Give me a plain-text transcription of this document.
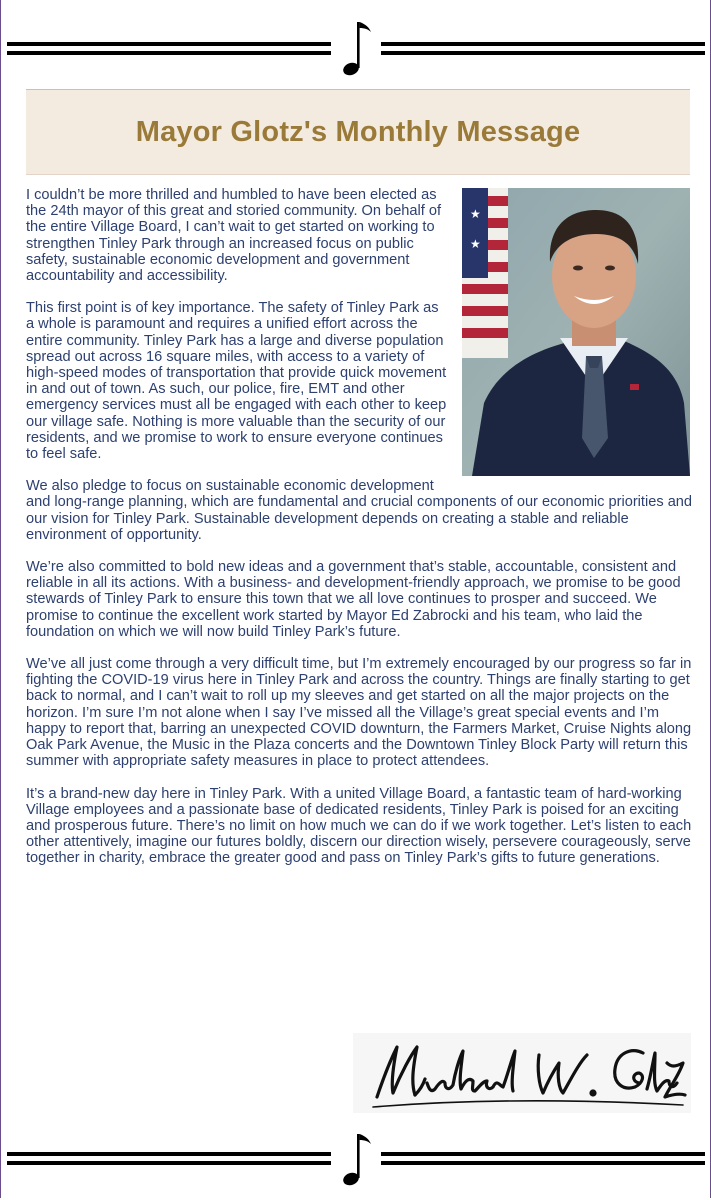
Mayor Glotz's Monthly Message
★
★

I couldn’t be more thrilled and humbled to have been elected as the 24th mayor of this great and storied community. On behalf of the entire Village Board, I can’t wait to get started on working to strengthen Tinley Park through an increased focus on public safety, sustainable economic development and government accountability and accessibility.

This first point is of key importance. The safety of Tinley Park as a whole is paramount and requires a unified effort across the entire community. Tinley Park has a large and diverse population spread out across 16 square miles, with access to a variety of high-speed modes of transportation that provide quick movement in and out of town. As such, our police, fire, EMT and other emergency services must all be engaged with each other to keep our village safe. Nothing is more valuable than the security of our residents, and we promise to work to ensure everyone continues to feel safe.

We also pledge to focus on sustainable economic development and long-range planning, which are fundamental and crucial components of our economic priorities and our vision for Tinley Park. Sustainable development depends on creating a stable and reliable environment of opportunity.

We’re also committed to bold new ideas and a government that’s stable, accountable, consistent and reliable in all its actions. With a business- and development-friendly approach, we promise to be good stewards of Tinley Park to ensure this town that we all love continues to prosper and succeed. We promise to continue the excellent work started by Mayor Ed Zabrocki and his team, who laid the foundation on which we will now build Tinley Park’s future.

We’ve all just come through a very difficult time, but I’m extremely encouraged by our progress so far in fighting the COVID-19 virus here in Tinley Park and across the country. Things are finally starting to get back to normal, and I can’t wait to roll up my sleeves and get started on all the major projects on the horizon. I’m sure I’m not alone when I say I’ve missed all the Village’s great special events and I’m happy to report that, barring an unexpected COVID downturn, the Farmers Market, Cruise Nights along Oak Park Avenue, the Music in the Plaza concerts and the Downtown Tinley Block Party will return this summer with appropriate safety measures in place to protect attendees.

It’s a brand-new day here in Tinley Park. With a united Village Board, a fantastic team of hard-working Village employees and a passionate base of dedicated residents, Tinley Park is poised for an exciting and prosperous future. There’s no limit on how much we can do if we work together. Let’s listen to each other attentively, imagine our futures boldly, discern our direction wisely, persevere courageously, serve together in charity, embrace the greater good and pass on Tinley Park’s gifts to future generations.
